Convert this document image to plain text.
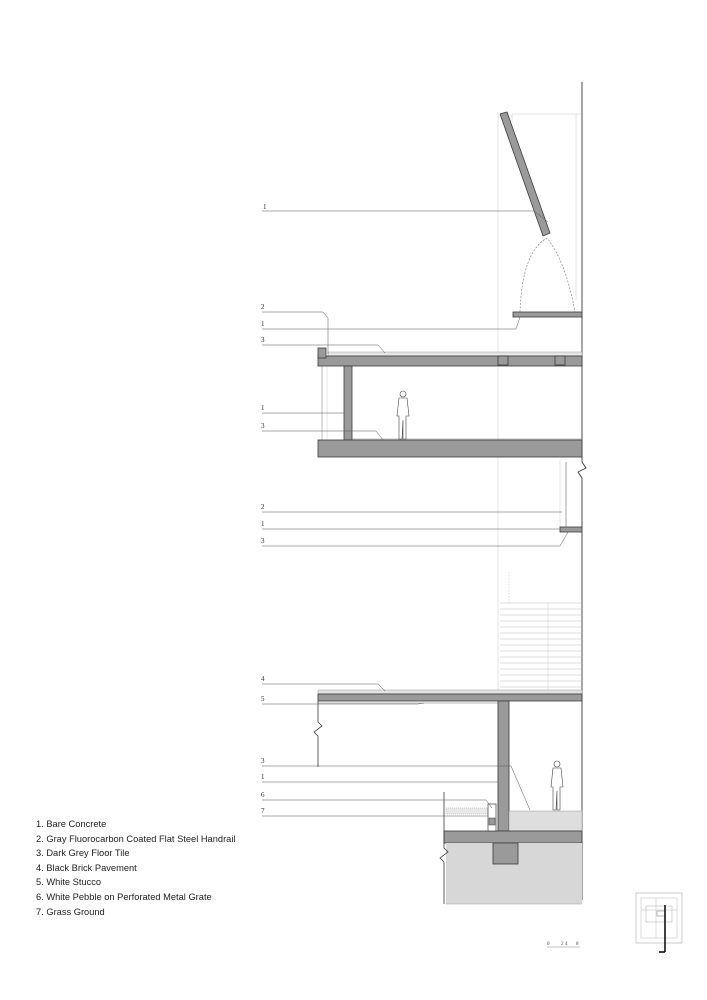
1
2
1
3
1
3
2
1
3
4
5
3
1
6
7
0 2 4 8
1. Bare Concrete
2. Gray Fluorocarbon Coated Flat Steel Handrail
3. Dark Grey Floor Tile
4. Black Brick Pavement
5. White Stucco
6. White Pebble on Perforated Metal Grate
7. Grass Ground
